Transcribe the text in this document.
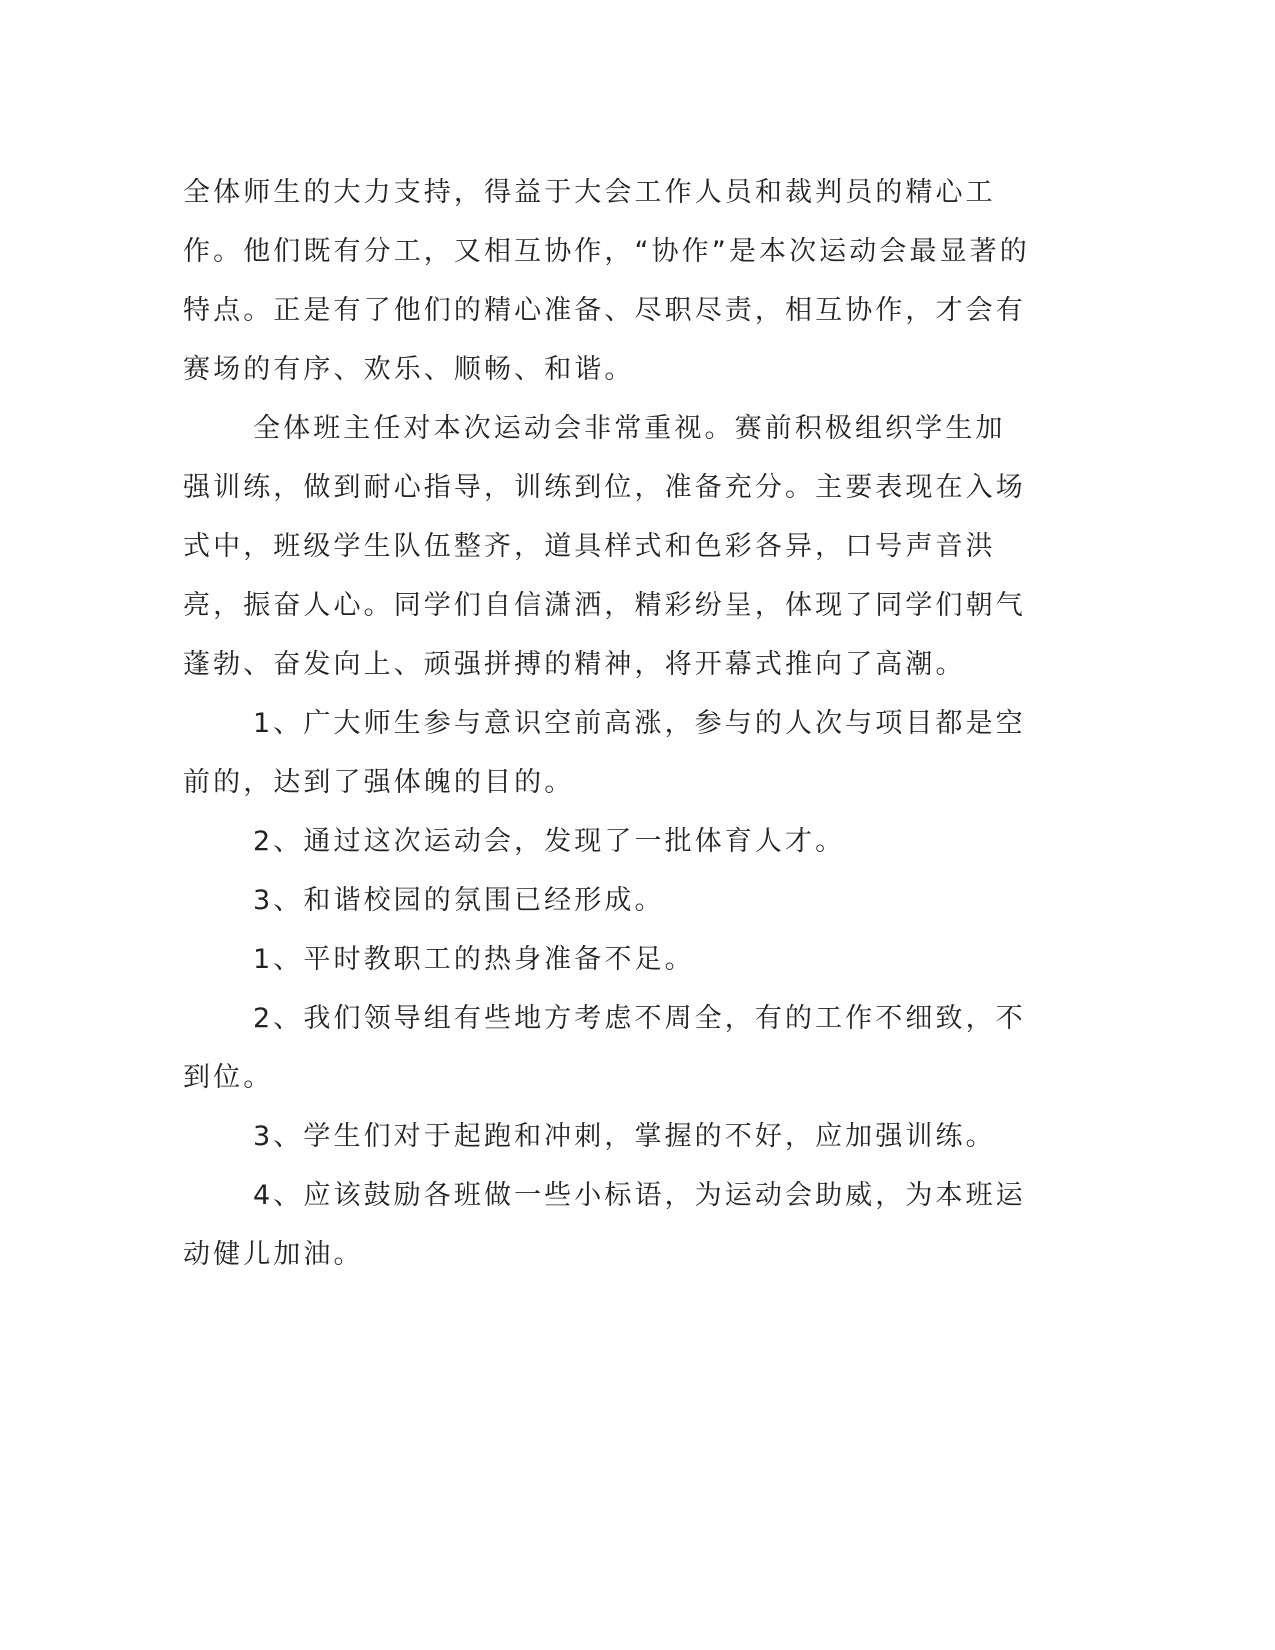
全体师生的大力支持，得益于大会工作人员和裁判员的精心工作。他们既有分工，又相互协作，“协作”是本次运动会最显著的特点。正是有了他们的精心准备、尽职尽责，相互协作，才会有赛场的有序、欢乐、顺畅、和谐。

全体班主任对本次运动会非常重视。赛前积极组织学生加强训练，做到耐心指导，训练到位，准备充分。主要表现在入场式中，班级学生队伍整齐，道具样式和色彩各异，口号声音洪亮，振奋人心。同学们自信潇洒，精彩纷呈，体现了同学们朝气蓬勃、奋发向上、顽强拼搏的精神，将开幕式推向了高潮。

1、广大师生参与意识空前高涨，参与的人次与项目都是空前的，达到了强体魄的目的。

2、通过这次运动会，发现了一批体育人才。

3、和谐校园的氛围已经形成。

1、平时教职工的热身准备不足。

2、我们领导组有些地方考虑不周全，有的工作不细致，不到位。

3、学生们对于起跑和冲刺，掌握的不好，应加强训练。

4、应该鼓励各班做一些小标语，为运动会助威，为本班运动健儿加油。
